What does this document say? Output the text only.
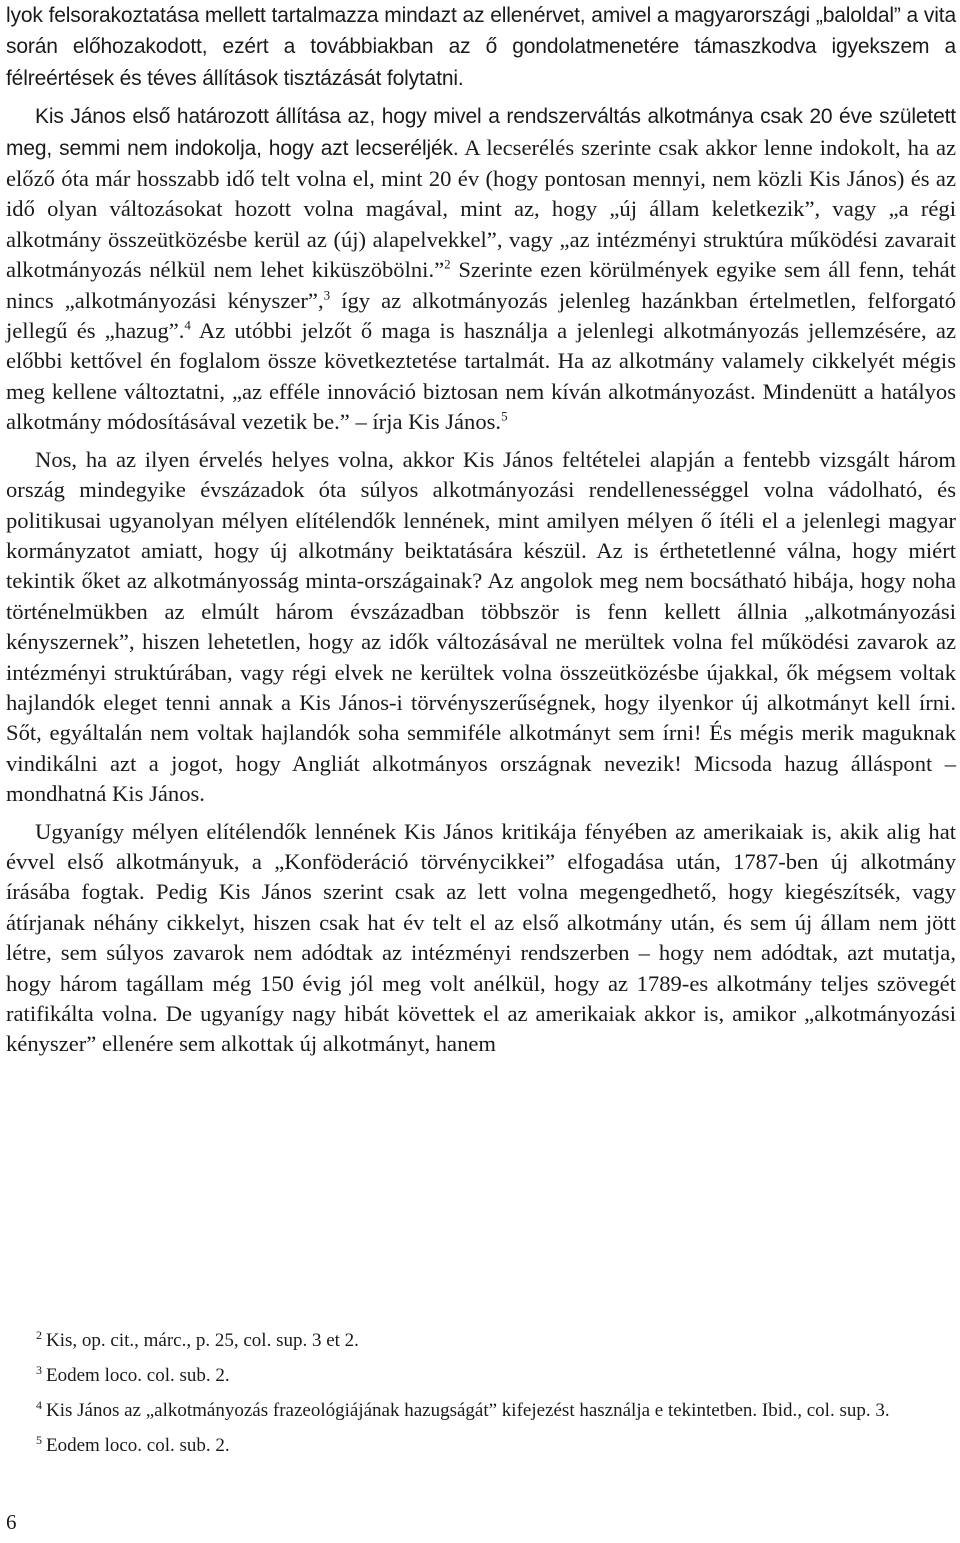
lyok felsorakoztatása mellett tartalmazza mindazt az ellenérvet, amivel a magyarországi „baloldal” a vita során előhozakodott, ezért a továbbiakban az ő gondolatmenetére támaszkodva igyekszem a félreértések és téves állítások tisztázását folytatni.

Kis János első határozott állítása az, hogy mivel a rendszerváltás alkotmánya csak 20 éve született meg, semmi nem indokolja, hogy azt lecseréljék. A lecserélés szerinte csak akkor lenne indokolt, ha az előző óta már hosszabb idő telt volna el, mint 20 év (hogy pontosan mennyi, nem közli Kis János) és az idő olyan változásokat hozott volna magával, mint az, hogy „új állam keletkezik”, vagy „a régi alkotmány összeütközésbe kerül az (új) alapelvekkel”, vagy „az intézményi struktúra működési zavarait alkotmányozás nélkül nem lehet kiküszöbölni.”$^2$ Szerinte ezen körülmények egyike sem áll fenn, tehát nincs „alkotmányozási kényszer”,$^3$ így az alkotmányozás jelenleg hazánkban értelmetlen, felforgató jellegű és „hazug”.$^4$ Az utóbbi jelzőt ő maga is használja a jelenlegi alkotmányozás jellemzésére, az előbbi kettővel én foglalom össze következtetése tartalmát. Ha az alkotmány valamely cikkelyét mégis meg kellene változtatni, „az efféle innováció biztosan nem kíván alkotmányozást. Mindenütt a hatályos alkotmány módosításával vezetik be.” – írja Kis János.$^5$

Nos, ha az ilyen érvelés helyes volna, akkor Kis János feltételei alapján a fentebb vizsgált három ország mindegyike évszázadok óta súlyos alkotmányozási rendellenességgel volna vádolható, és politikusai ugyanolyan mélyen elítélendők lennének, mint amilyen mélyen ő ítéli el a jelenlegi magyar kormányzatot amiatt, hogy új alkotmány beiktatására készül. Az is érthetetlenné válna, hogy miért tekintik őket az alkotmányosság minta-országainak? Az angolok meg nem bocsátható hibája, hogy noha történelmükben az elmúlt három évszázadban többször is fenn kellett állnia „alkotmányozási kényszernek”, hiszen lehetetlen, hogy az idők változásával ne merültek volna fel működési zavarok az intézményi struktúrában, vagy régi elvek ne kerültek volna összeütközésbe újakkal, ők mégsem voltak hajlandók eleget tenni annak a Kis János-i törvényszerűségnek, hogy ilyenkor új alkotmányt kell írni. Sőt, egyáltalán nem voltak hajlandók soha semmiféle alkotmányt sem írni! És mégis merik maguknak vindikálni azt a jogot, hogy Angliát alkotmányos országnak nevezik! Micsoda hazug álláspont – mondhatná Kis János.

Ugyanígy mélyen elítélendők lennének Kis János kritikája fényében az amerikaiak is, akik alig hat évvel első alkotmányuk, a „Konföderáció törvénycikkei” elfogadása után, 1787-ben új alkotmány írásába fogtak. Pedig Kis János szerint csak az lett volna megengedhető, hogy kiegészítsék, vagy átírjanak néhány cikkelyt, hiszen csak hat év telt el az első alkotmány után, és sem új állam nem jött létre, sem súlyos zavarok nem adódtak az intézményi rendszerben – hogy nem adódtak, azt mutatja, hogy három tagállam még 150 évig jól meg volt anélkül, hogy az 1789-es alkotmány teljes szövegét ratifikálta volna. De ugyanígy nagy hibát követtek el az amerikaiak akkor is, amikor „alkotmányozási kényszer” ellenére sem alkottak új alkotmányt, hanem

$^2$ Kis, op. cit., márc., p. 25, col. sup. 3 et 2.
$^3$ Eodem loco. col. sub. 2.
$^4$ Kis János az „alkotmányozás frazeológiájának hazugságát” kifejezést használja e tekintetben. Ibid., col. sup. 3.
$^5$ Eodem loco. col. sub. 2.
6
